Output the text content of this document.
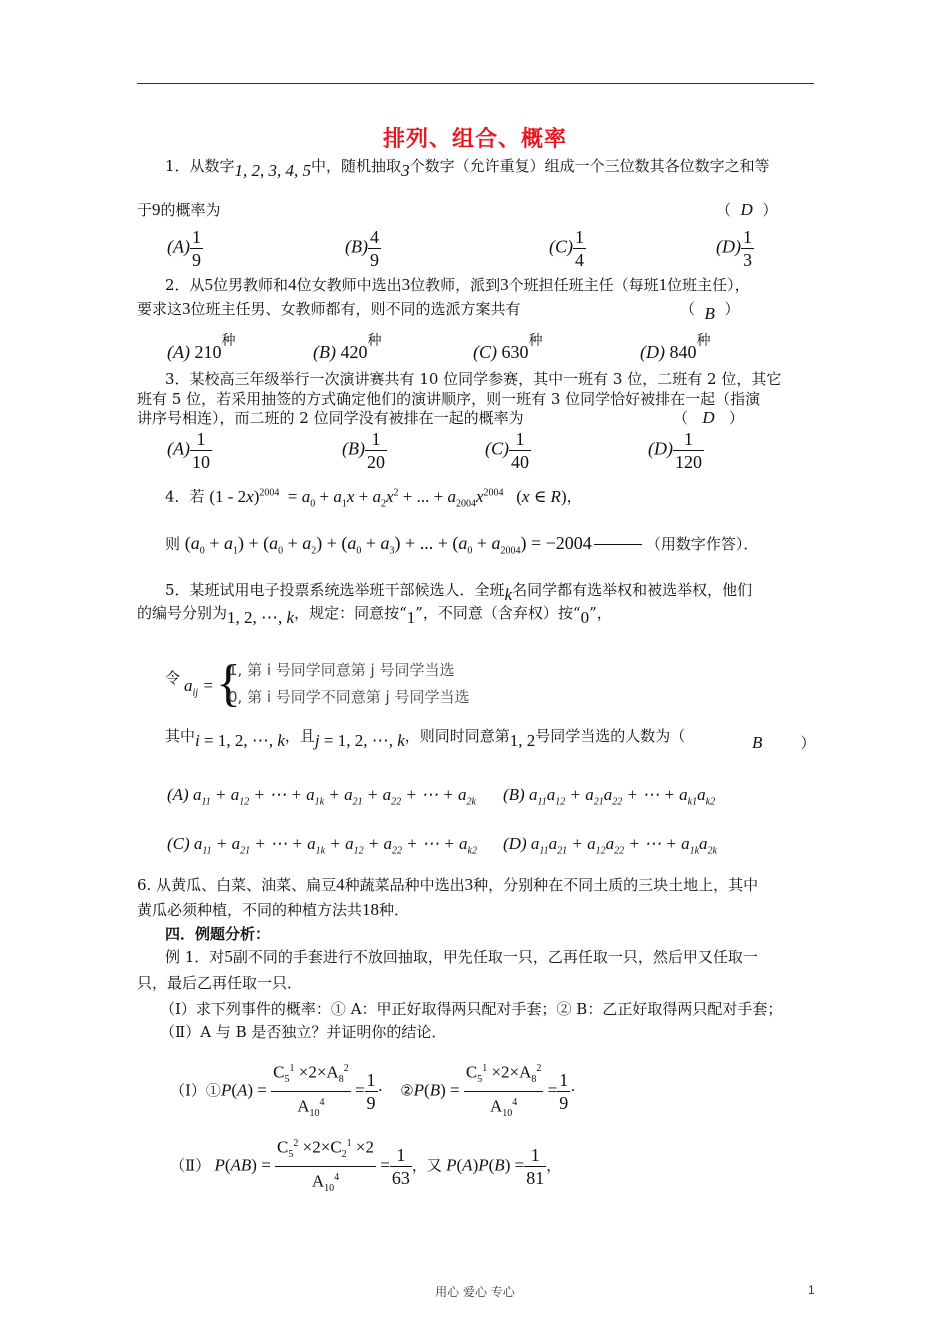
排列、组合、概率
1．从数字1, 2, 3, 4, 5中，随机抽取3个数字（允许重复）组成一个三位数其各位数字之和等
于9的概率为	（  D  ）
$(A) \frac{1}{9}$	$(B) \frac{4}{9}$	$(C) \frac{1}{4}$	$(D) \frac{1}{3}$
2．从5位男教师和4位女教师中选出3位教师，派到3个班担任班主任（每班1位班主任），
要求这3位班主任男、女教师都有，则不同的选派方案共有	（  B  ）
(A) $210^种$
(B) $420^种$
(C) $630^种$
(D) $840^种$
3．某校高三年级举行一次演讲赛共有 10 位同学参赛，其中一班有 3 位，二班有 2 位，其它
班有 5 位，若采用抽签的方式确定他们的演讲顺序，则一班有 3 位同学恰好被排在一起（指演
讲序号相连），而二班的 2 位同学没有被排在一起的概率为	（   D   ）
$(A) \frac{1}{10}$	$(B) \frac{1}{20}$	$(C) \frac{1}{40}$	$(D) \frac{1}{120}$
4．若 $(1 - 2x)^{2004} = a_0 + a_1x + a_2x^2$ + ... + $a_{2004}x^{2004}$   (x ∈ R)，
则 $(a_0 + a_1) + (a_0 + a_2) + (a_0 + a_3)$ + ... + $(a_0 + a_{2004}) = -2004$	（用数字作答）．
5．某班试用电子投票系统选举班干部候选人．全班k名同学都有选举权和被选举权，他们
的编号分别为1, 2, ⋯, k，规定：同意按“1”，不同意（含弃权）按“0”，
令 $a_{ij}$ = {
1, 第 i 号同学同意第 j 号同学当选
0, 第 i 号同学不同意第 j 号同学当选
其中i = 1, 2, ⋯, k，且j = 1, 2, ⋯, k，则同时同意第1, 2号同学当选的人数为（	B	）
(A) $a_{11} + a_{12}$ + ⋯ + $a_{1k} + a_{21} + a_{22}$ + ⋯ + $a_{2k}$ (B) $a_{11}a_{12} + a_{21}a_{22}$ + ⋯ + $a_{k1}a_{k2}$
(C) $a_{11} + a_{21}$ + ⋯ + $a_{1k} + a_{12} + a_{22}$ + ⋯ + $a_{k2}$ (D) $a_{11}a_{21} + a_{12}a_{22}$ + ⋯ + $a_{1k}a_{2k}$
6. 从黄瓜、白菜、油菜、扁豆4种蔬菜品种中选出3种，分别种在不同土质的三块土地上，其中
黄瓜必须种植，不同的种植方法共18种．
四．例题分析：
例 1．对5副不同的手套进行不放回抽取，甲先任取一只，乙再任取一只，然后甲又任取一
只，最后乙再任取一只．
（Ⅰ）求下列事件的概率：① A：甲正好取得两只配对手套；② B：乙正好取得两只配对手套；
（Ⅱ）A 与 B 是否独立？并证明你的结论．
（Ⅰ）①P(A) = $\frac{C_5^1 \times 2\times A_8^2}{A_{10}^4} = \frac{1}{9}$ · ②P(B) = $\frac{C_5^1 \times 2\times A_8^2}{A_{10}^4} = \frac{1}{9}$ ·
（Ⅱ） $P(AB) = \frac{C_5^2 \times 2\times C_2^1 \times 2}{A_{10}^4} = \frac{1}{63}$ ，又 $P(A)P(B) = \frac{1}{81}$ ，
用心 爱心 专心	1
